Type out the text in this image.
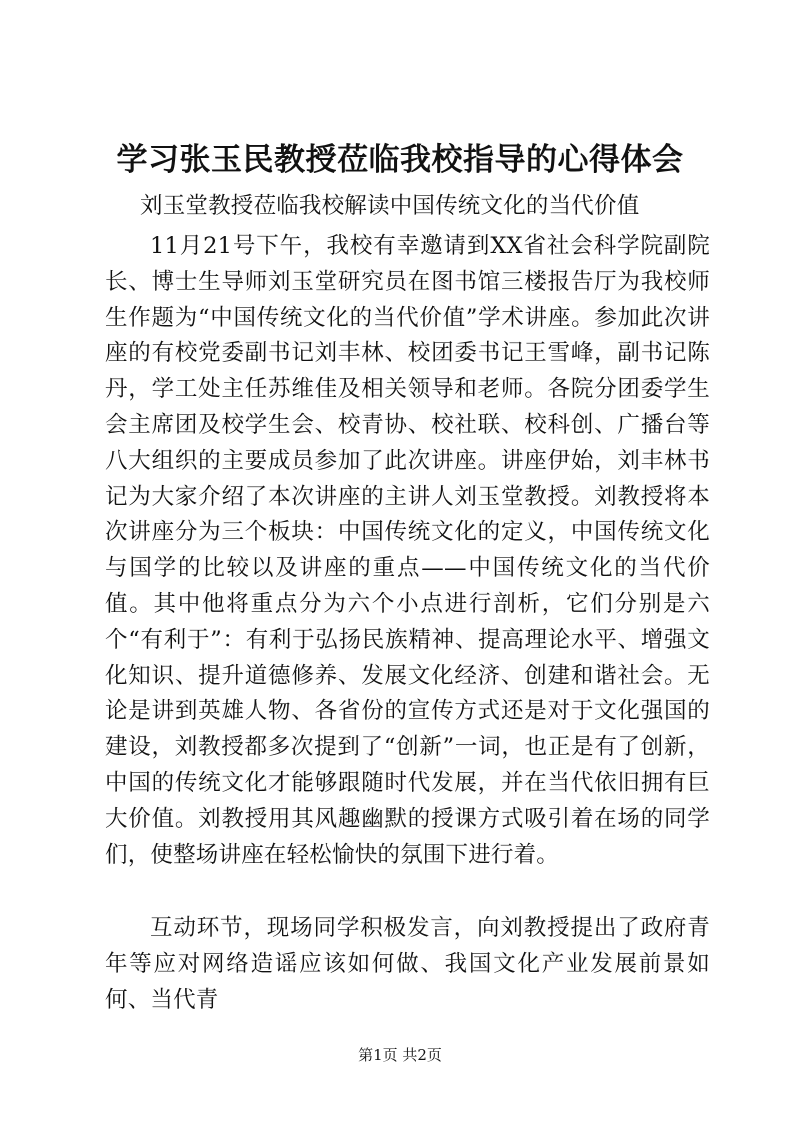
学习张玉民教授莅临我校指导的心得体会
刘玉堂教授莅临我校解读中国传统文化的当代价值

11月21号下午，我校有幸邀请到XX省社会科学院副院长、博士生导师刘玉堂研究员在图书馆三楼报告厅为我校师生作题为“中国传统文化的当代价值”学术讲座。参加此次讲座的有校党委副书记刘丰林、校团委书记王雪峰，副书记陈丹，学工处主任苏维佳及相关领导和老师。各院分团委学生会主席团及校学生会、校青协、校社联、校科创、广播台等八大组织的主要成员参加了此次讲座。讲座伊始，刘丰林书记为大家介绍了本次讲座的主讲人刘玉堂教授。刘教授将本次讲座分为三个板块：中国传统文化的定义，中国传统文化与国学的比较以及讲座的重点——中国传统文化的当代价值。其中他将重点分为六个小点进行剖析，它们分别是六个“有利于”：有利于弘扬民族精神、提高理论水平、增强文化知识、提升道德修养、发展文化经济、创建和谐社会。无论是讲到英雄人物、各省份的宣传方式还是对于文化强国的建设，刘教授都多次提到了“创新”一词，也正是有了创新，中国的传统文化才能够跟随时代发展，并在当代依旧拥有巨大价值。刘教授用其风趣幽默的授课方式吸引着在场的同学们，使整场讲座在轻松愉快的氛围下进行着。

互动环节，现场同学积极发言，向刘教授提出了政府青年等应对网络造谣应该如何做、我国文化产业发展前景如何、当代青

第1页 共2页
